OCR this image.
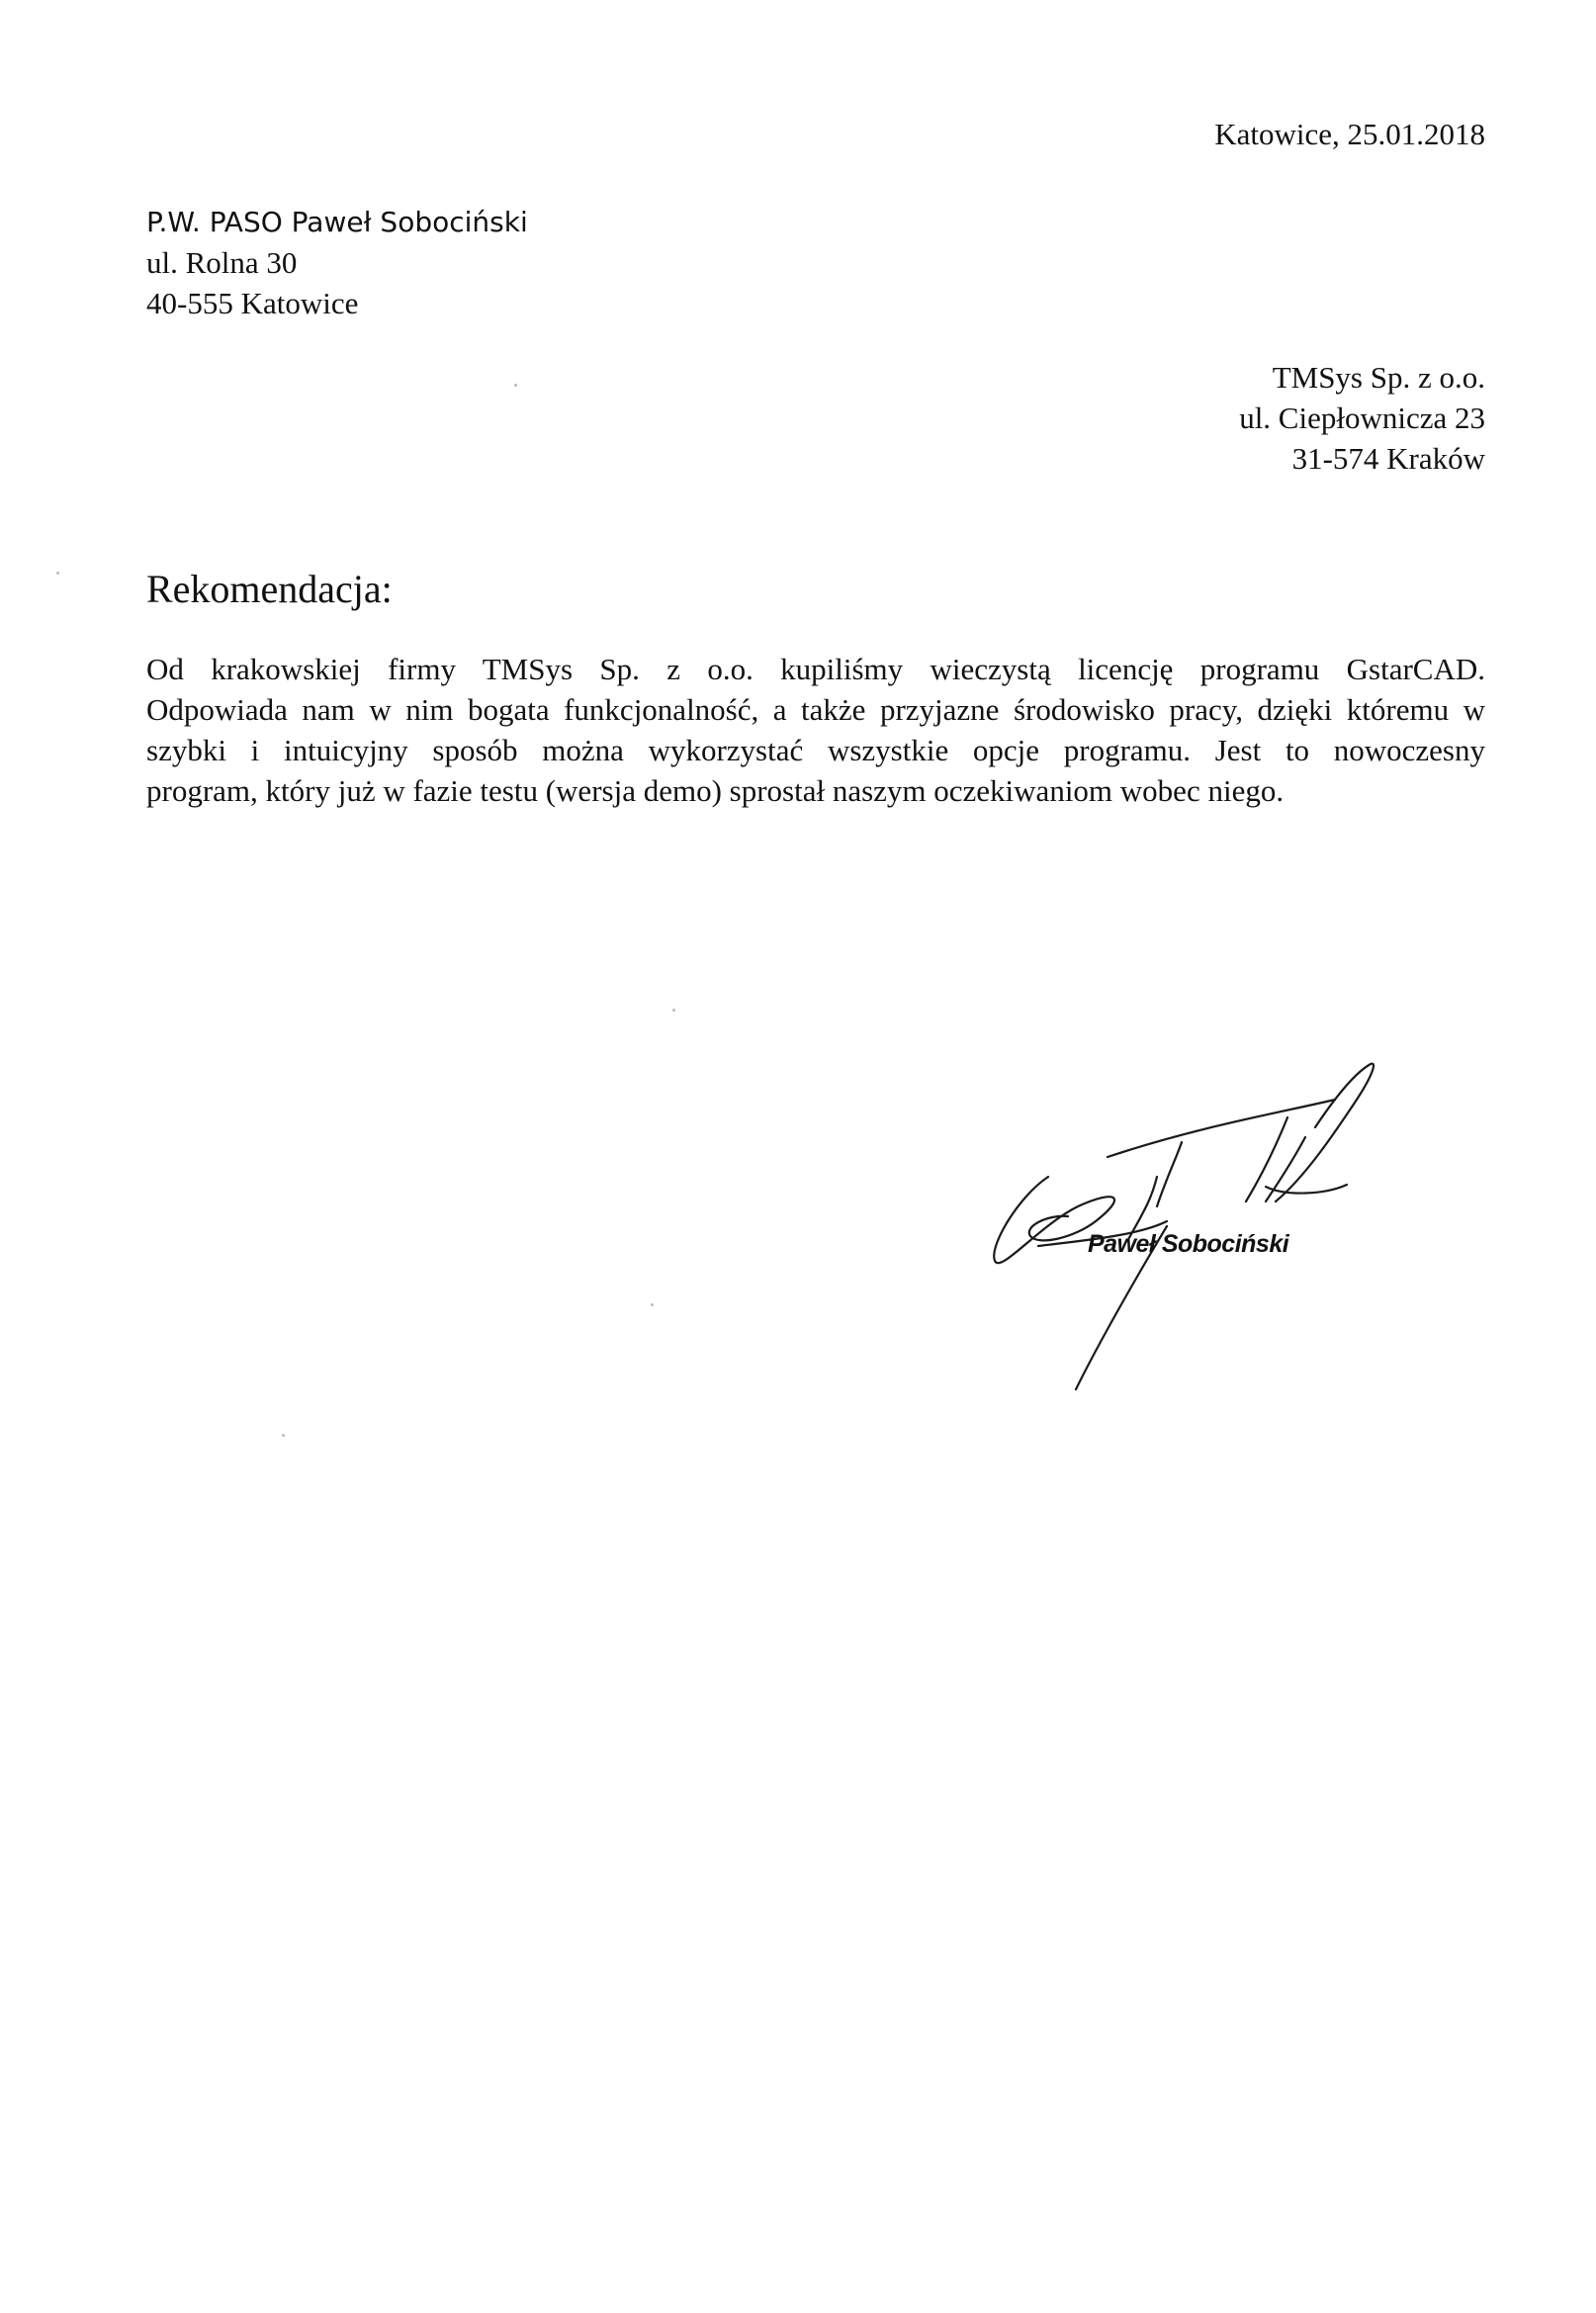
Katowice, 25.01.2018
P.W. PASO Paweł Sobociński
ul. Rolna 30
40-555 Katowice
TMSys Sp. z o.o.
ul. Ciepłownicza 23
31-574 Kraków
Rekomendacja:
Od krakowskiej firmy TMSys Sp. z o.o. kupiliśmy wieczystą licencję programu GstarCAD.
Odpowiada nam w nim bogata funkcjonalność, a także przyjazne środowisko pracy, dzięki któremu w
szybki i intuicyjny sposób można wykorzystać wszystkie opcje programu. Jest to nowoczesny
program, który już w fazie testu (wersja demo) sprostał naszym oczekiwaniom wobec niego.
Paweł Sobociński
